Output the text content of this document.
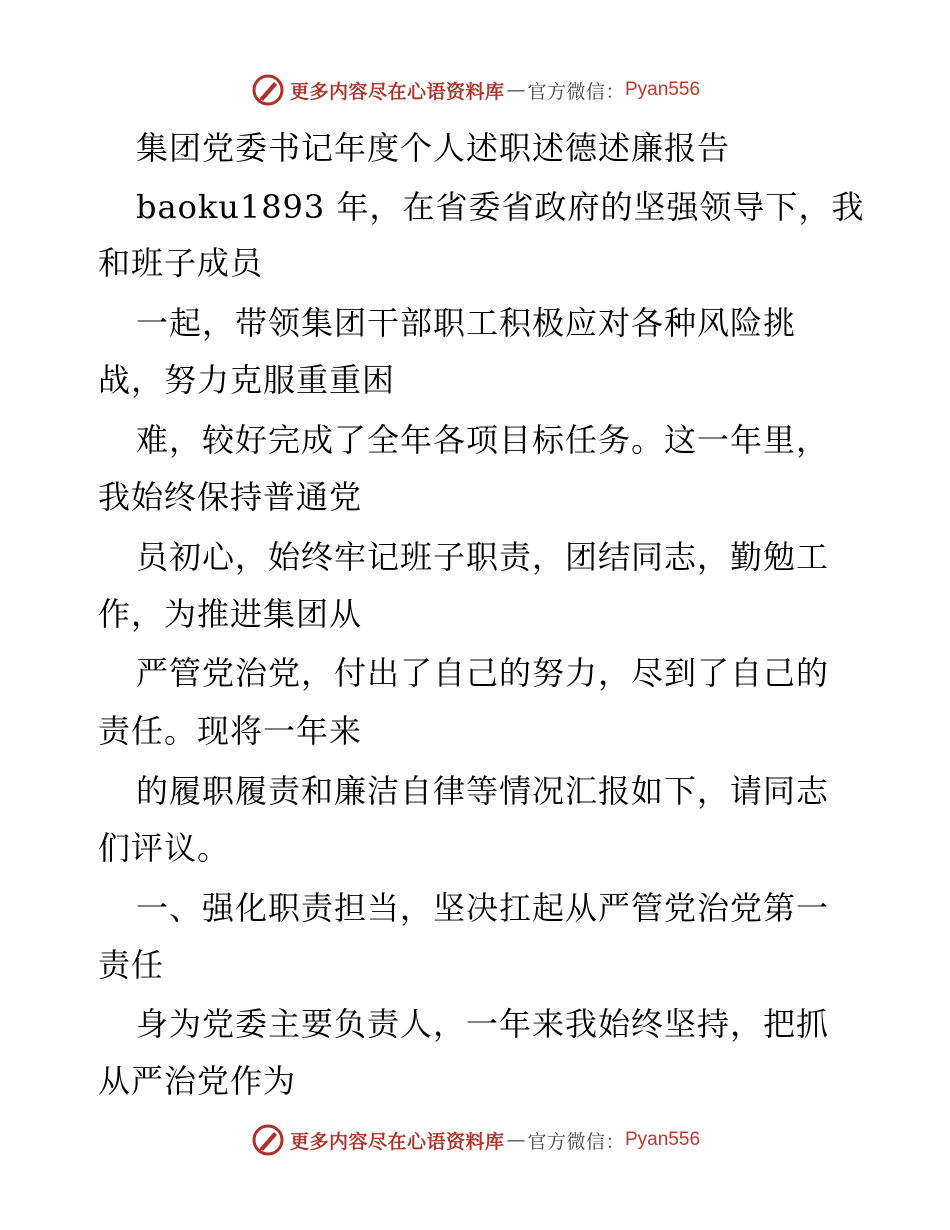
更多内容尽在心语资料库 — 官方微信： Pyan556
集团党委书记年度个人述职述德述廉报告
baoku1893 年，在省委省政府的坚强领导下，我
和班子成员
一起，带领集团干部职工积极应对各种风险挑
战，努力克服重重困
难，较好完成了全年各项目标任务。这一年里，
我始终保持普通党
员初心，始终牢记班子职责，团结同志，勤勉工
作，为推进集团从
严管党治党，付出了自己的努力，尽到了自己的
责任。现将一年来
的履职履责和廉洁自律等情况汇报如下，请同志
们评议。
一、强化职责担当，坚决扛起从严管党治党第一
责任
身为党委主要负责人，一年来我始终坚持，把抓
从严治党作为
更多内容尽在心语资料库 — 官方微信： Pyan556
